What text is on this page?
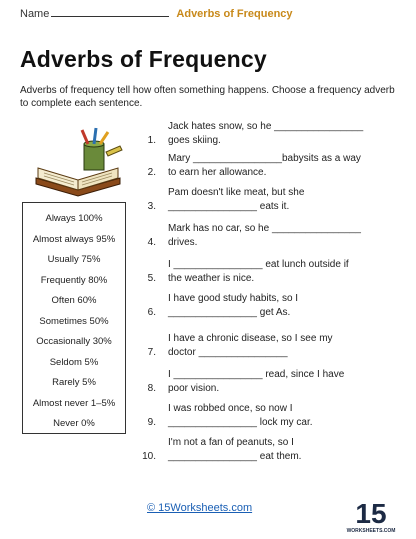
Name	Adverbs of Frequency
Adverbs of Frequency
Adverbs of frequency tell how often something happens. Choose a frequency adverb to complete each sentence.
Always 100%
Almost always 95%
Usually 75%
Frequently 80%
Often 60%
Sometimes 50%
Occasionally 30%
Seldom 5%
Rarely 5%
Almost never 1–5%
Never 0%
1.
Jack hates snow, so he ________________
goes skiing.
2.
Mary ________________babysits as a way
to earn her allowance.
3.
Pam doesn't like meat, but she
________________ eats it.
4.
Mark has no car, so he ________________
drives.
5.
I ________________ eat lunch outside if
the weather is nice.
6.
I have good study habits, so I
________________ get As.
7.
I have a chronic disease, so I see my
doctor ________________
8.
I ________________ read, since I have
poor vision.
9.
I was robbed once, so now I
________________ lock my car.
10.
I'm not a fan of peanuts, so I
________________ eat them.
© 15Worksheets.com	15
WORKSHEETS.COM
